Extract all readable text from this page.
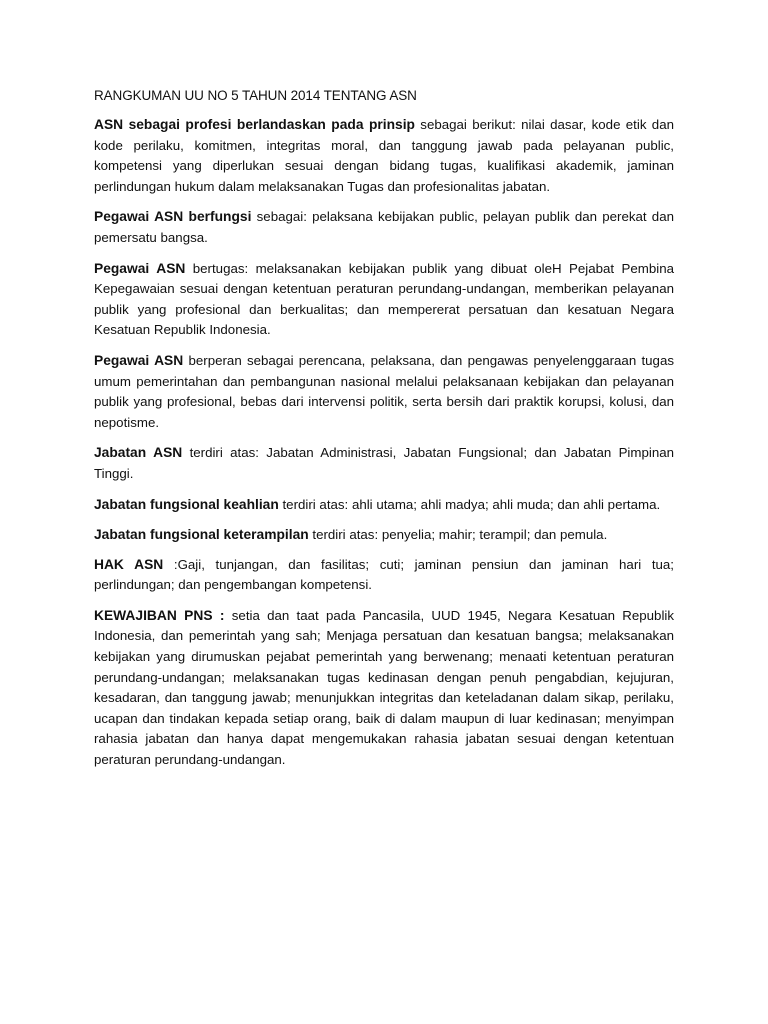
RANGKUMAN UU NO 5 TAHUN 2014 TENTANG ASN

ASN sebagai profesi berlandaskan pada prinsip sebagai berikut: nilai dasar, kode etik dan kode perilaku, komitmen, integritas moral, dan tanggung jawab pada pelayanan public, kompetensi yang diperlukan sesuai dengan bidang tugas, kualifikasi akademik, jaminan perlindungan hukum dalam melaksanakan Tugas dan profesionalitas jabatan.

Pegawai ASN berfungsi sebagai: pelaksana kebijakan public, pelayan publik dan perekat dan pemersatu bangsa.

Pegawai ASN bertugas: melaksanakan kebijakan publik yang dibuat oleH Pejabat Pembina Kepegawaian sesuai dengan ketentuan peraturan perundang-undangan, memberikan pelayanan publik yang profesional dan berkualitas; dan mempererat persatuan dan kesatuan Negara Kesatuan Republik Indonesia.

Pegawai ASN berperan sebagai perencana, pelaksana, dan pengawas penyelenggaraan tugas umum pemerintahan dan pembangunan nasional melalui pelaksanaan kebijakan dan pelayanan publik yang profesional, bebas dari intervensi politik, serta bersih dari praktik korupsi, kolusi, dan nepotisme.

Jabatan ASN terdiri atas: Jabatan Administrasi, Jabatan Fungsional; dan Jabatan Pimpinan Tinggi.

Jabatan fungsional keahlian terdiri atas: ahli utama; ahli madya; ahli muda; dan ahli pertama.

Jabatan fungsional keterampilan terdiri atas: penyelia; mahir; terampil; dan pemula.

HAK ASN :Gaji, tunjangan, dan fasilitas; cuti; jaminan pensiun dan jaminan hari tua; perlindungan; dan pengembangan kompetensi.

KEWAJIBAN PNS : setia dan taat pada Pancasila, UUD 1945, Negara Kesatuan Republik Indonesia, dan pemerintah yang sah; Menjaga persatuan dan kesatuan bangsa; melaksanakan kebijakan yang dirumuskan pejabat pemerintah yang berwenang; menaati ketentuan peraturan perundang-undangan; melaksanakan tugas kedinasan dengan penuh pengabdian, kejujuran, kesadaran, dan tanggung jawab; menunjukkan integritas dan keteladanan dalam sikap, perilaku, ucapan dan tindakan kepada setiap orang, baik di dalam maupun di luar kedinasan; menyimpan rahasia jabatan dan hanya dapat mengemukakan rahasia jabatan sesuai dengan ketentuan peraturan perundang-undangan.
